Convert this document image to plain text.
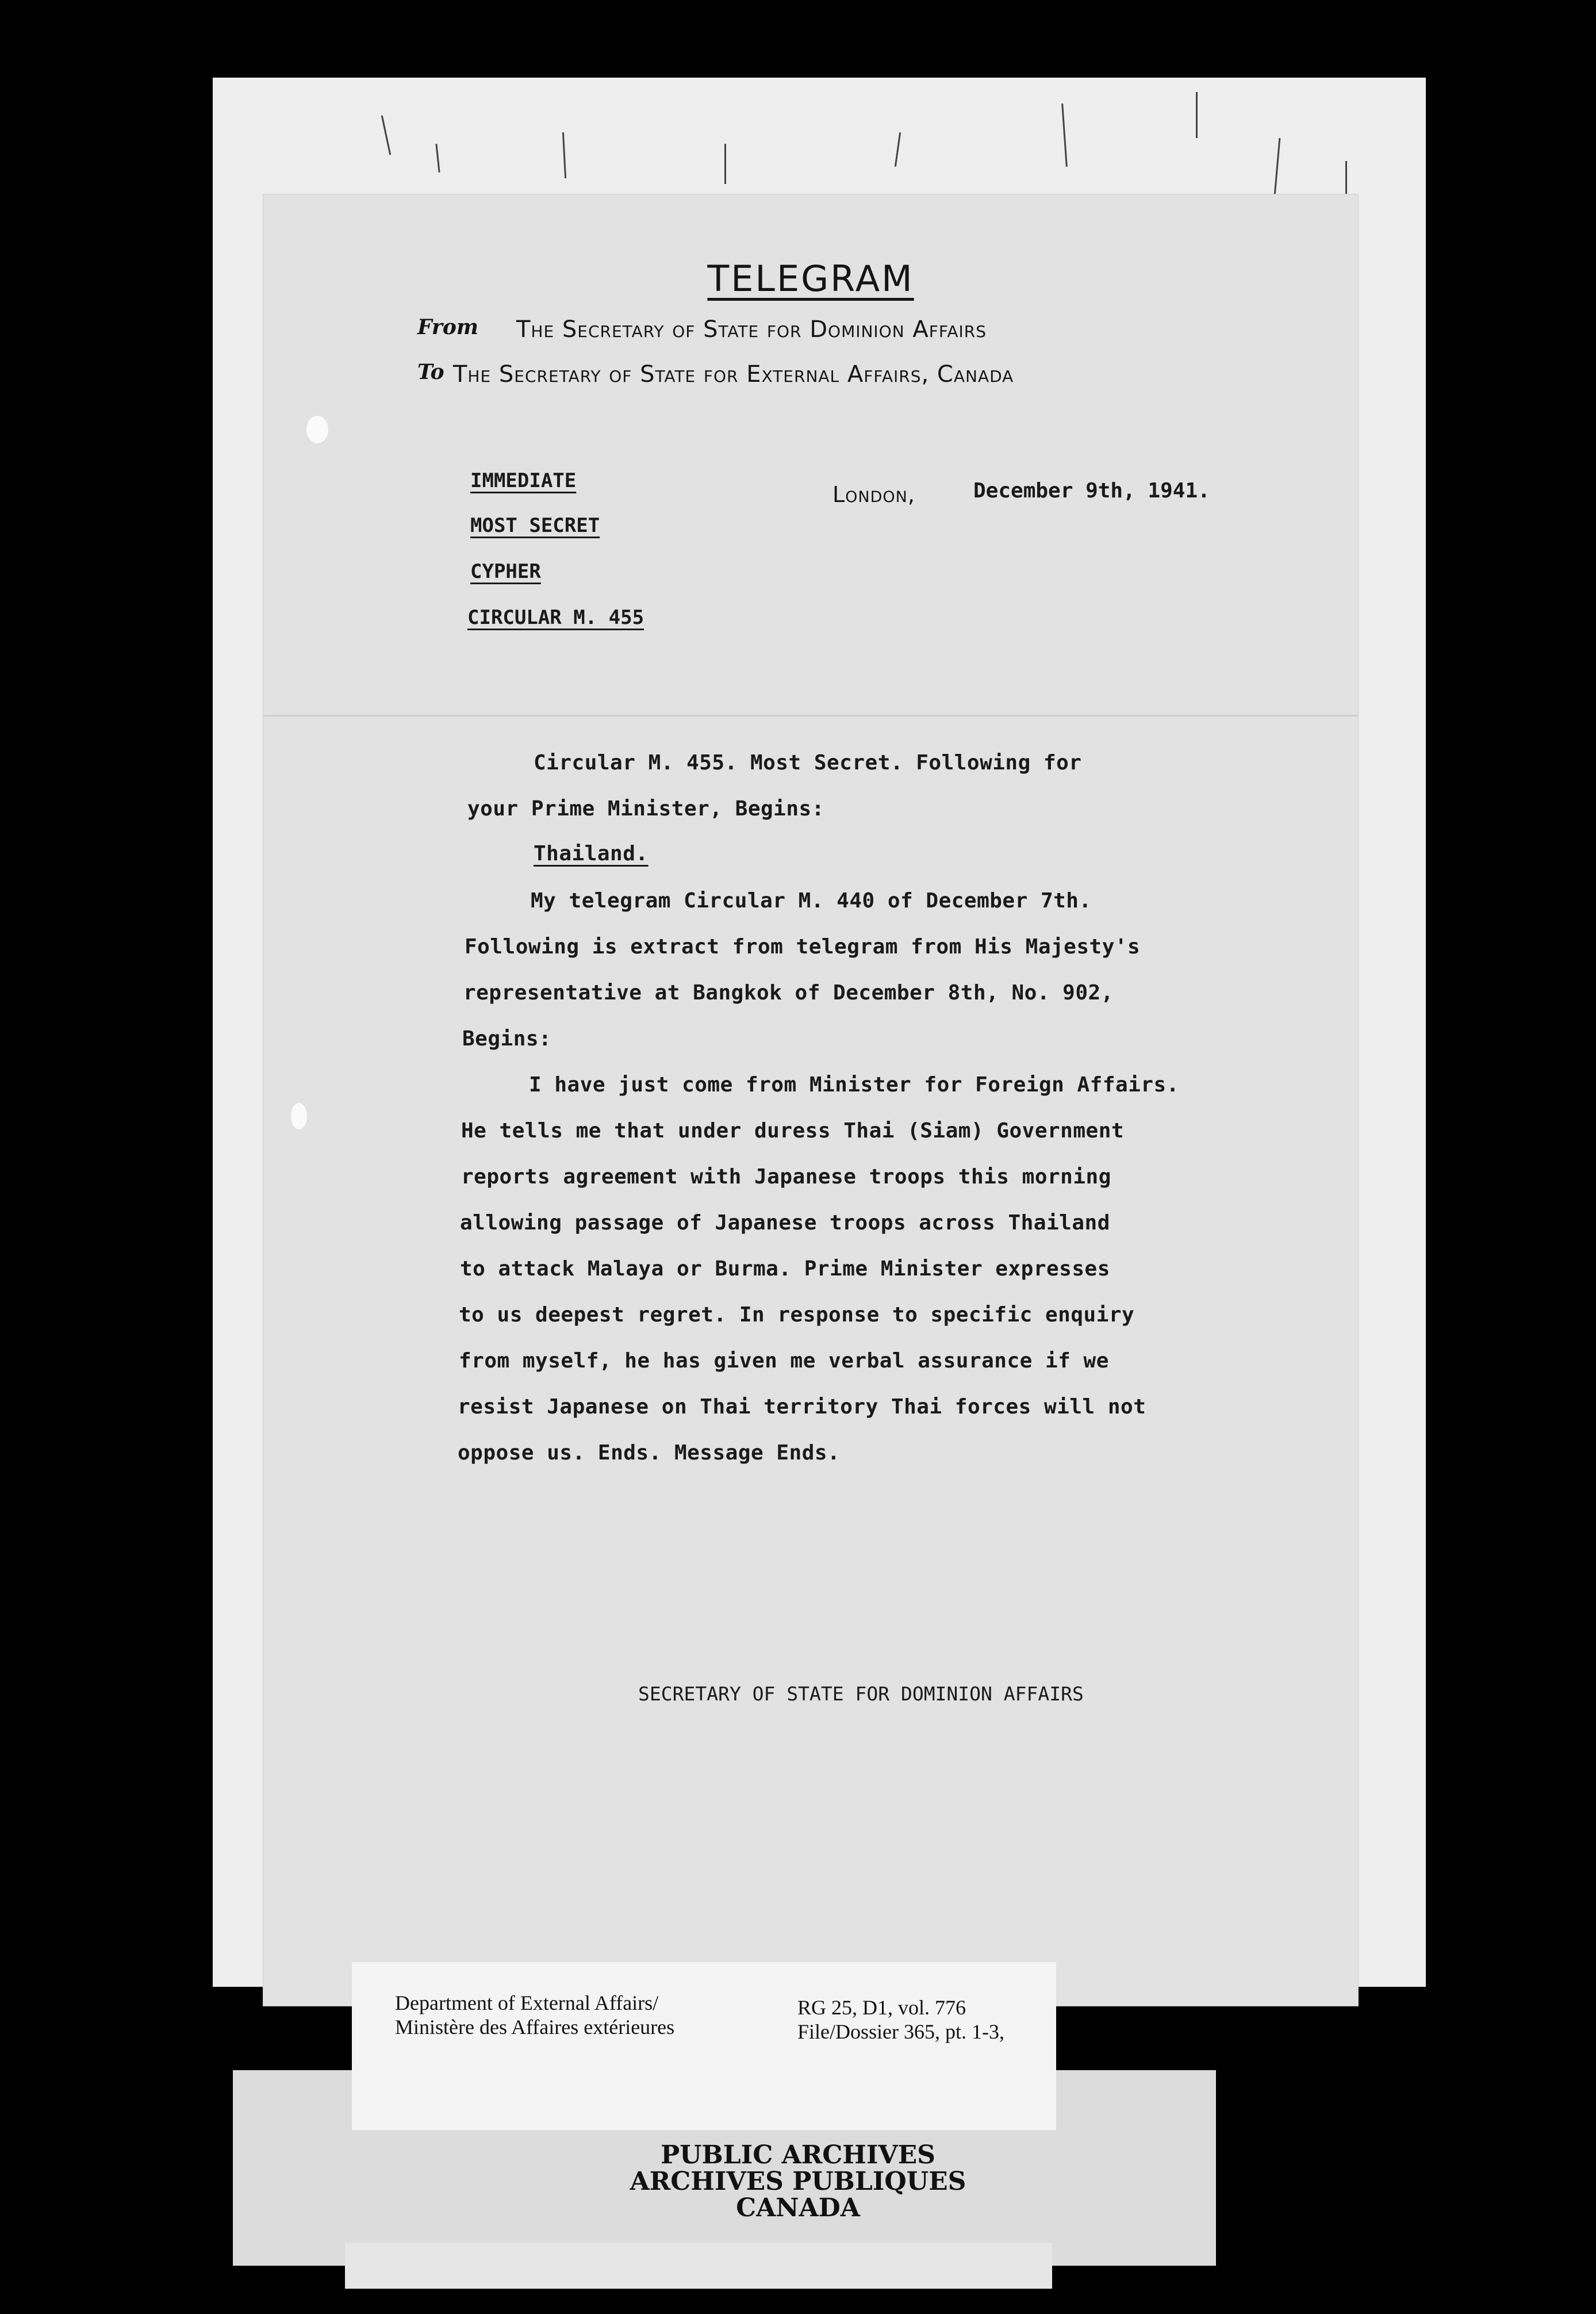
TELEGRAM
From The Secretary of State for Dominion Affairs
To The Secretary of State for External Affairs, Canada
IMMEDIATE
MOST SECRET
CYPHER
CIRCULAR M. 455
London,	December 9th, 1941.
Circular M. 455. Most Secret. Following for
your Prime Minister, Begins:
Thailand.
My telegram Circular M. 440 of December 7th.
Following is extract from telegram from His Majesty's
representative at Bangkok of December 8th, No. 902,
Begins:
I have just come from Minister for Foreign Affairs.
He tells me that under duress Thai (Siam) Government
reports agreement with Japanese troops this morning
allowing passage of Japanese troops across Thailand
to attack Malaya or Burma. Prime Minister expresses
to us deepest regret. In response to specific enquiry
from myself, he has given me verbal assurance if we
resist Japanese on Thai territory Thai forces will not
oppose us. Ends. Message Ends.
SECRETARY OF STATE FOR DOMINION AFFAIRS
Department of External Affairs/
Ministère des Affaires extérieures
RG 25, D1, vol. 776
File/Dossier 365, pt. 1-3,
PUBLIC ARCHIVES
ARCHIVES PUBLIQUES
CANADA
